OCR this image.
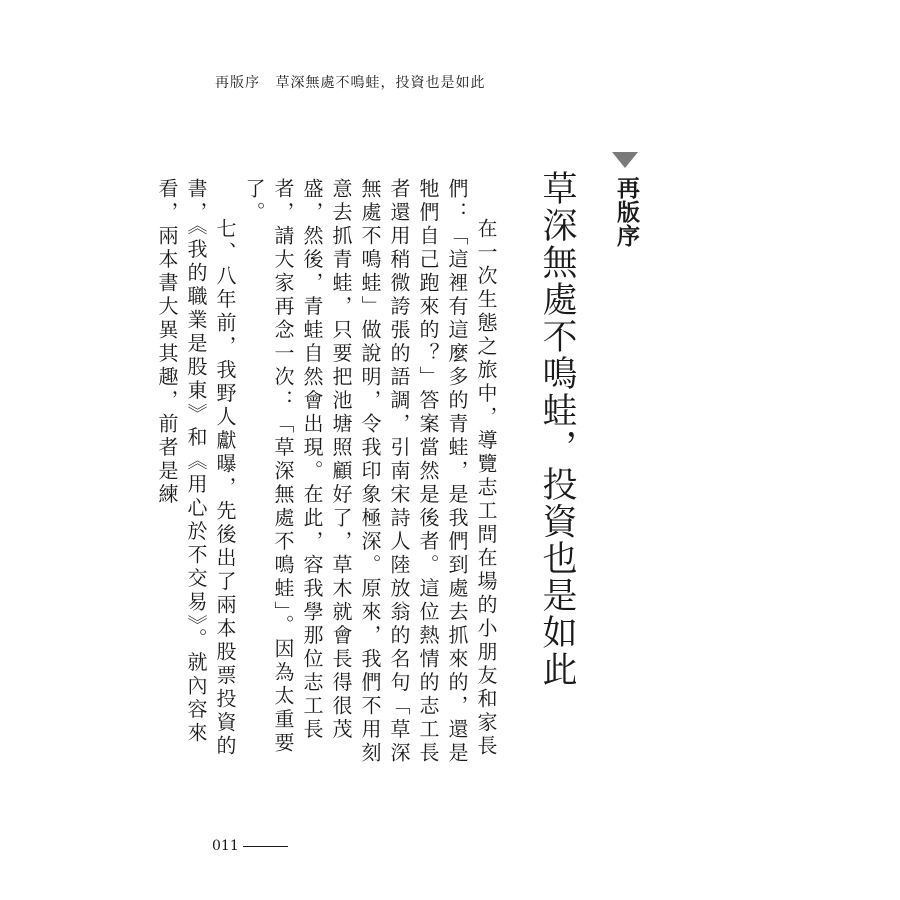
再版序 草深無處不鳴蛙，投資也是如此
再版序
草深無處不鳴蛙，投資也是如此

在一次生態之旅中，導覽志工問在場的小朋友和家長們：「這裡有這麼多的青蛙，是我們到處去抓來的，還是牠們自己跑來的？」答案當然是後者。這位熱情的志工長者還用稍微誇張的語調，引南宋詩人陸放翁的名句「草深無處不鳴蛙」做說明，令我印象極深。原來，我們不用刻意去抓青蛙，只要把池塘照顧好了，草木就會長得很茂盛，然後，青蛙自然會出現。在此，容我學那位志工長者，請大家再念一次：「草深無處不鳴蛙」。因為太重要了。

七、八年前，我野人獻曝，先後出了兩本股票投資的書，《我的職業是股東》和《用心於不交易》。就內容來看，兩本書大異其趣，前者是練

011
